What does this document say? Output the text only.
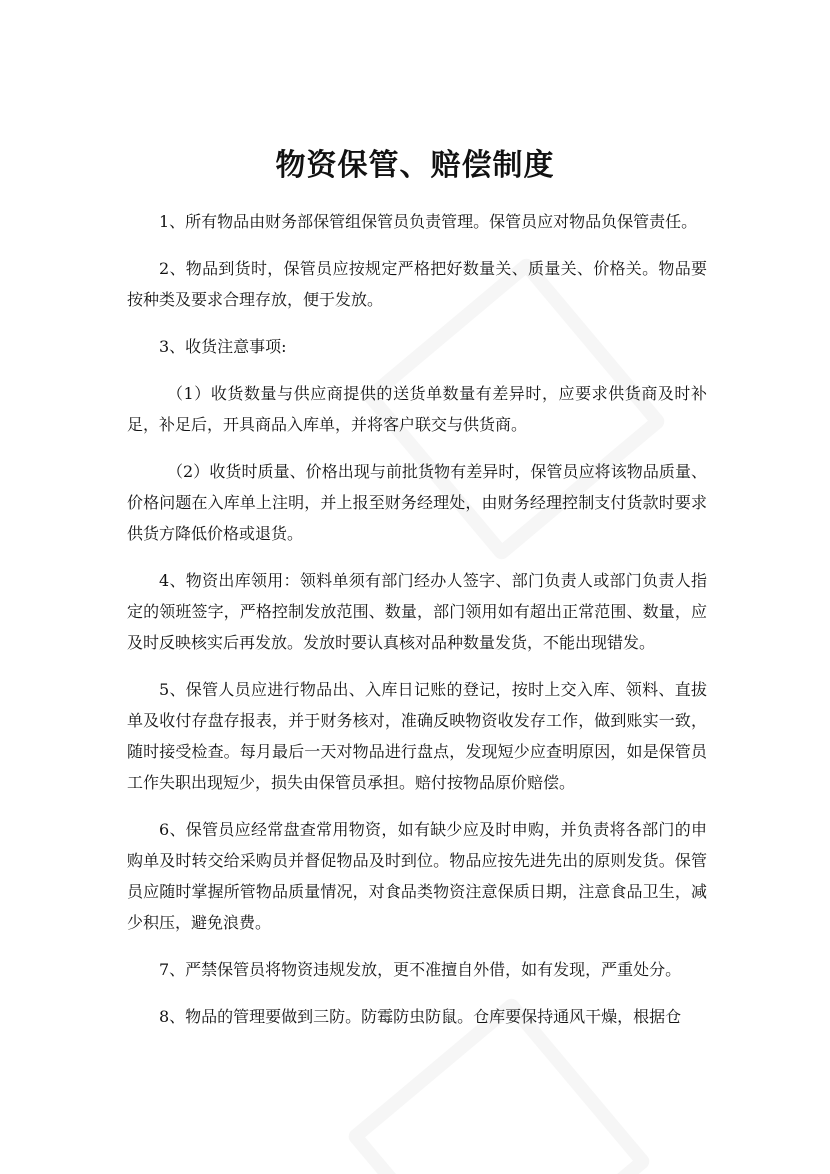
物资保管、赔偿制度

1、所有物品由财务部保管组保管员负责管理。保管员应对物品负保管责任。

2、物品到货时，保管员应按规定严格把好数量关、质量关、价格关。物品要按种类及要求合理存放，便于发放。

3、收货注意事项:

（1）收货数量与供应商提供的送货单数量有差异时，应要求供货商及时补足，补足后，开具商品入库单，并将客户联交与供货商。

（2）收货时质量、价格出现与前批货物有差异时，保管员应将该物品质量、价格问题在入库单上注明，并上报至财务经理处，由财务经理控制支付货款时要求供货方降低价格或退货。

4、物资出库领用：领料单须有部门经办人签字、部门负责人或部门负责人指定的领班签字，严格控制发放范围、数量，部门领用如有超出正常范围、数量，应及时反映核实后再发放。发放时要认真核对品种数量发货，不能出现错发。

5、保管人员应进行物品出、入库日记账的登记，按时上交入库、领料、直拔单及收付存盘存报表，并于财务核对，准确反映物资收发存工作，做到账实一致，随时接受检查。每月最后一天对物品进行盘点，发现短少应查明原因，如是保管员工作失职出现短少，损失由保管员承担。赔付按物品原价赔偿。

6、保管员应经常盘查常用物资，如有缺少应及时申购，并负责将各部门的申购单及时转交给采购员并督促物品及时到位。物品应按先进先出的原则发货。保管员应随时掌握所管物品质量情况，对食品类物资注意保质日期，注意食品卫生，减少积压，避免浪费。

7、严禁保管员将物资违规发放，更不准擅自外借，如有发现，严重处分。

8、物品的管理要做到三防。防霉防虫防鼠。仓库要保持通风干燥，根据仓
